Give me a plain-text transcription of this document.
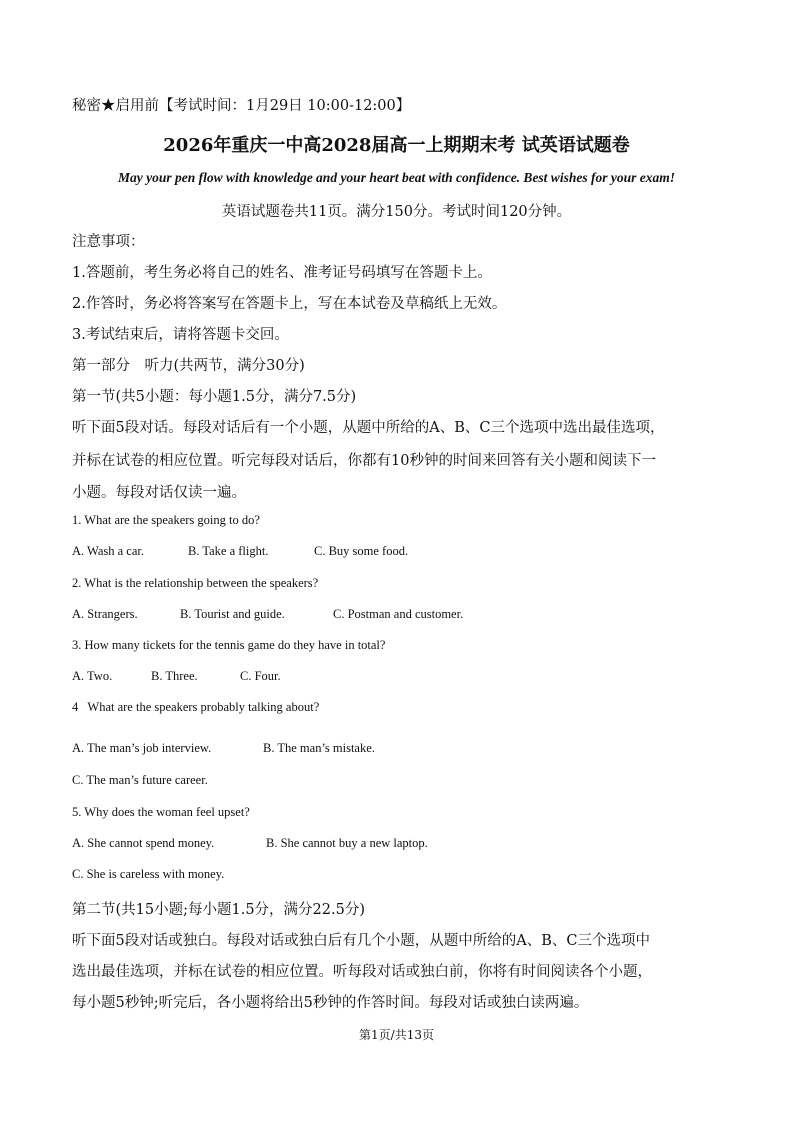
秘密★启用前【考试时间：1月29日 10:00-12:00】
2026年重庆一中高2028届高一上期期末考 试英语试题卷
May your pen flow with knowledge and your heart beat with confidence. Best wishes for your exam!
英语试题卷共11页。满分150分。考试时间120分钟。
注意事项：
1.答题前，考生务必将自己的姓名、准考证号码填写在答题卡上。
2.作答时，务必将答案写在答题卡上，写在本试卷及草稿纸上无效。
3.考试结束后，请将答题卡交回。
第一部分　听力(共两节，满分30分)
第一节(共5小题：每小题1.5分，满分7.5分)
听下面5段对话。每段对话后有一个小题，从题中所给的A、B、C三个选项中选出最佳选项，
并标在试卷的相应位置。听完每段对话后，你都有10秒钟的时间来回答有关小题和阅读下一
小题。每段对话仅读一遍。
1. What are the speakers going to do?
A. Wash a car.	B. Take a flight.	C. Buy some food.
2. What is the relationship between the speakers?
A. Strangers.	B. Tourist and guide.	C. Postman and customer.
3. How many tickets for the tennis game do they have in total?
A. Two.	B. Three.	C. Four.
4   What are the speakers probably talking about?
A. The man’s job interview.	B. The man’s mistake.
C. The man’s future career.
5. Why does the woman feel upset?
A. She cannot spend money.	B. She cannot buy a new laptop.
C. She is careless with money.
第二节(共15小题;每小题1.5分，满分22.5分)
听下面5段对话或独白。每段对话或独白后有几个小题，从题中所给的A、B、C三个选项中
选出最佳选项，并标在试卷的相应位置。听每段对话或独白前，你将有时间阅读各个小题，
每小题5秒钟;听完后，各小题将给出5秒钟的作答时间。每段对话或独白读两遍。
第1页/共13页
